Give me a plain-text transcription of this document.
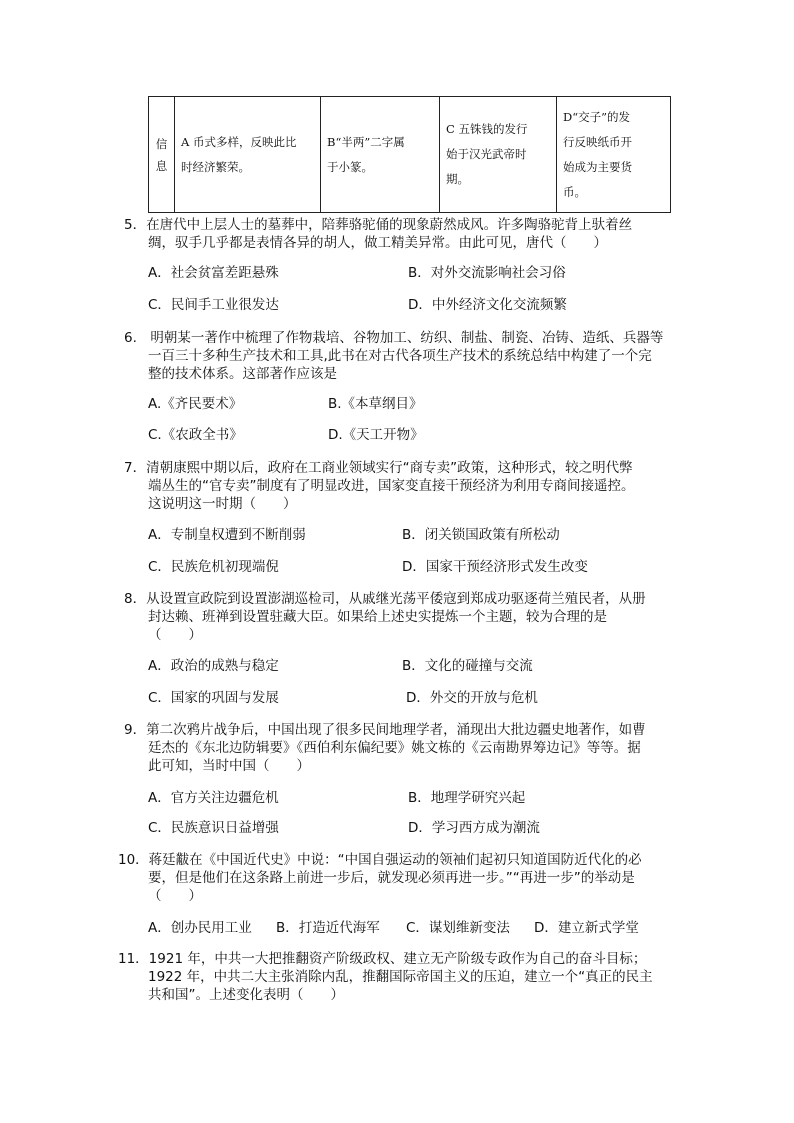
信
息

A 币式多样，反映此比
时经济繁荣。

B“半两”二字属
于小篆。

C 五铢钱的发行
始于汉光武帝时
期。

D“交子”的发
行反映纸币开
始成为主要货
币。
5．在唐代中上层人士的墓葬中，陪葬骆驼俑的现象蔚然成风。许多陶骆驼背上驮着丝
绸，驭手几乎都是表情各异的胡人，做工精美异常。由此可见，唐代（　　）
A．社会贫富差距悬殊	B．对外交流影响社会习俗
C．民间手工业很发达	D．中外经济文化交流频繁
6.　明朝某一著作中梳理了作物栽培、谷物加工、纺织、制盐、制瓷、冶铸、造纸、兵器等
一百三十多种生产技术和工具,此书在对古代各项生产技术的系统总结中构建了一个完
整的技术体系。这部著作应该是
A.《齐民要术》	B.《本草纲目》
C.《农政全书》	D.《天工开物》
7．清朝康熙中期以后，政府在工商业领域实行“商专卖”政策，这种形式，较之明代弊
端丛生的“官专卖”制度有了明显改进，国家变直接干预经济为利用专商间接遥控。
这说明这一时期（　　）
A．专制皇权遭到不断削弱	B．闭关锁国政策有所松动
C．民族危机初现端倪	D．国家干预经济形式发生改变
8．从设置宣政院到设置澎湖巡检司，从戚继光荡平倭寇到郑成功驱逐荷兰殖民者，从册
封达赖、班禅到设置驻藏大臣。如果给上述史实提炼一个主题，较为合理的是
（　　）
A．政治的成熟与稳定	B．文化的碰撞与交流
C．国家的巩固与发展	D．外交的开放与危机
9．第二次鸦片战争后，中国出现了很多民间地理学者，涌现出大批边疆史地著作，如曹
廷杰的《东北边防辑要》《西伯利东偏纪要》姚文栋的《云南勘界筹边记》等等。据
此可知，当时中国（　　）
A．官方关注边疆危机	B．地理学研究兴起
C．民族意识日益增强	D．学习西方成为潮流
10．蒋廷黻在《中国近代史》中说：“中国自强运动的领袖们起初只知道国防近代化的必
要，但是他们在这条路上前进一步后，就发现必须再进一步。”“再进一步”的举动是
（　　）
A．创办民用工业 B．打造近代海军 C．谋划维新变法 D．建立新式学堂
11．1921 年，中共一大把推翻资产阶级政权、建立无产阶级专政作为自己的奋斗目标；
1922 年，中共二大主张消除内乱，推翻国际帝国主义的压迫，建立一个“真正的民主
共和国”。上述变化表明（　　）
